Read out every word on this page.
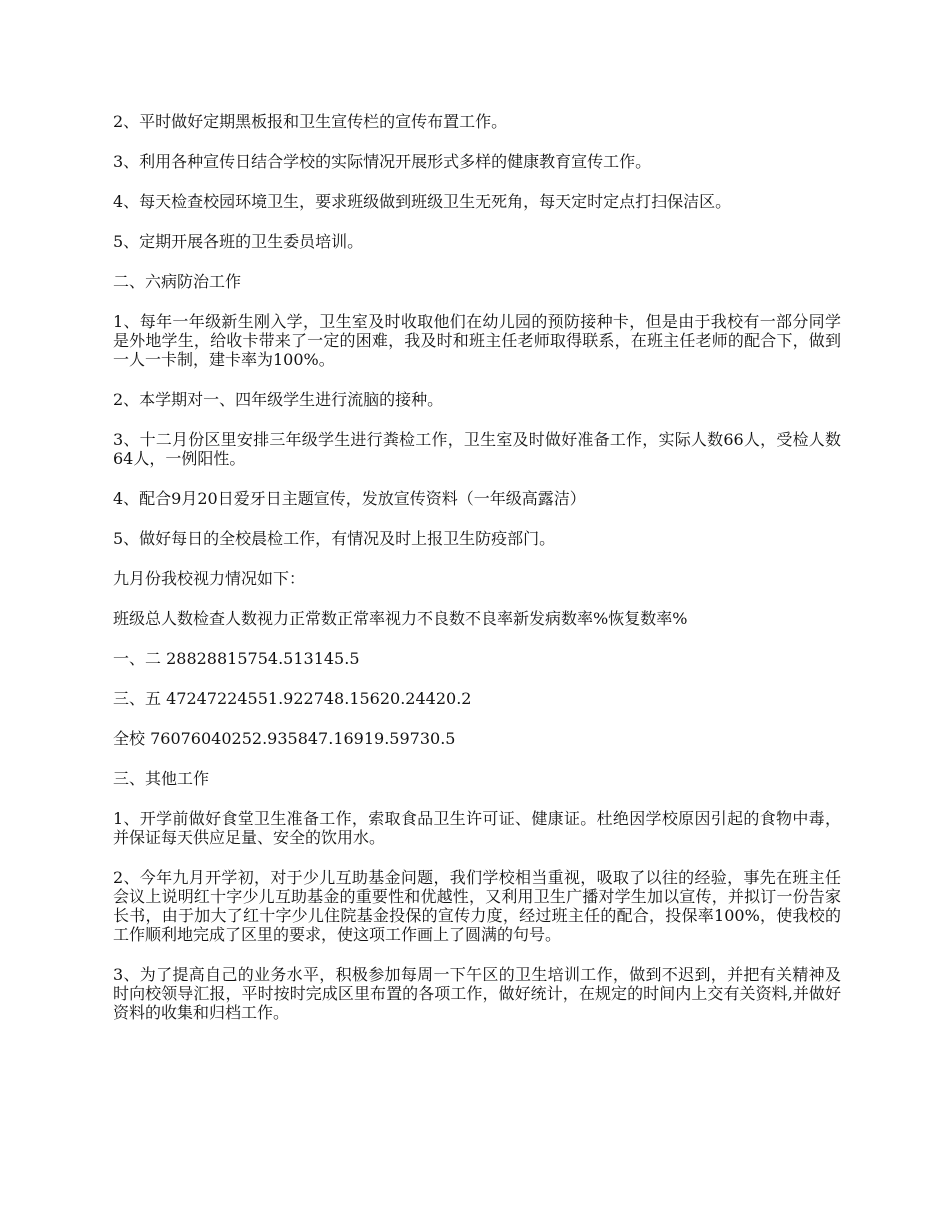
2、平时做好定期黑板报和卫生宣传栏的宣传布置工作。

3、利用各种宣传日结合学校的实际情况开展形式多样的健康教育宣传工作。

4、每天检查校园环境卫生，要求班级做到班级卫生无死角，每天定时定点打扫保洁区。

5、定期开展各班的卫生委员培训。

二、六病防治工作

1、每年一年级新生刚入学，卫生室及时收取他们在幼儿园的预防接种卡，但是由于我校有一部分同学是外地学生，给收卡带来了一定的困难，我及时和班主任老师取得联系，在班主任老师的配合下，做到一人一卡制，建卡率为100%。

2、本学期对一、四年级学生进行流脑的接种。

3、十二月份区里安排三年级学生进行粪检工作，卫生室及时做好准备工作，实际人数66人，受检人数64人，一例阳性。

4、配合9月20日爱牙日主题宣传，发放宣传资料（一年级高露洁）

5、做好每日的全校晨检工作，有情况及时上报卫生防疫部门。

九月份我校视力情况如下：

班级总人数检查人数视力正常数正常率视力不良数不良率新发病数率%恢复数率%

一、二 28828815754.513145.5

三、五 47247224551.922748.15620.24420.2

全校 76076040252.935847.16919.59730.5

三、其他工作

1、开学前做好食堂卫生准备工作，索取食品卫生许可证、健康证。杜绝因学校原因引起的食物中毒，并保证每天供应足量、安全的饮用水。

2、今年九月开学初，对于少儿互助基金问题，我们学校相当重视，吸取了以往的经验，事先在班主任会议上说明红十字少儿互助基金的重要性和优越性，又利用卫生广播对学生加以宣传，并拟订一份告家长书，由于加大了红十字少儿住院基金投保的宣传力度，经过班主任的配合，投保率100%，使我校的工作顺利地完成了区里的要求，使这项工作画上了圆满的句号。

3、为了提高自己的业务水平，积极参加每周一下午区的卫生培训工作，做到不迟到，并把有关精神及时向校领导汇报，平时按时完成区里布置的各项工作，做好统计，在规定的时间内上交有关资料,并做好资料的收集和归档工作。
